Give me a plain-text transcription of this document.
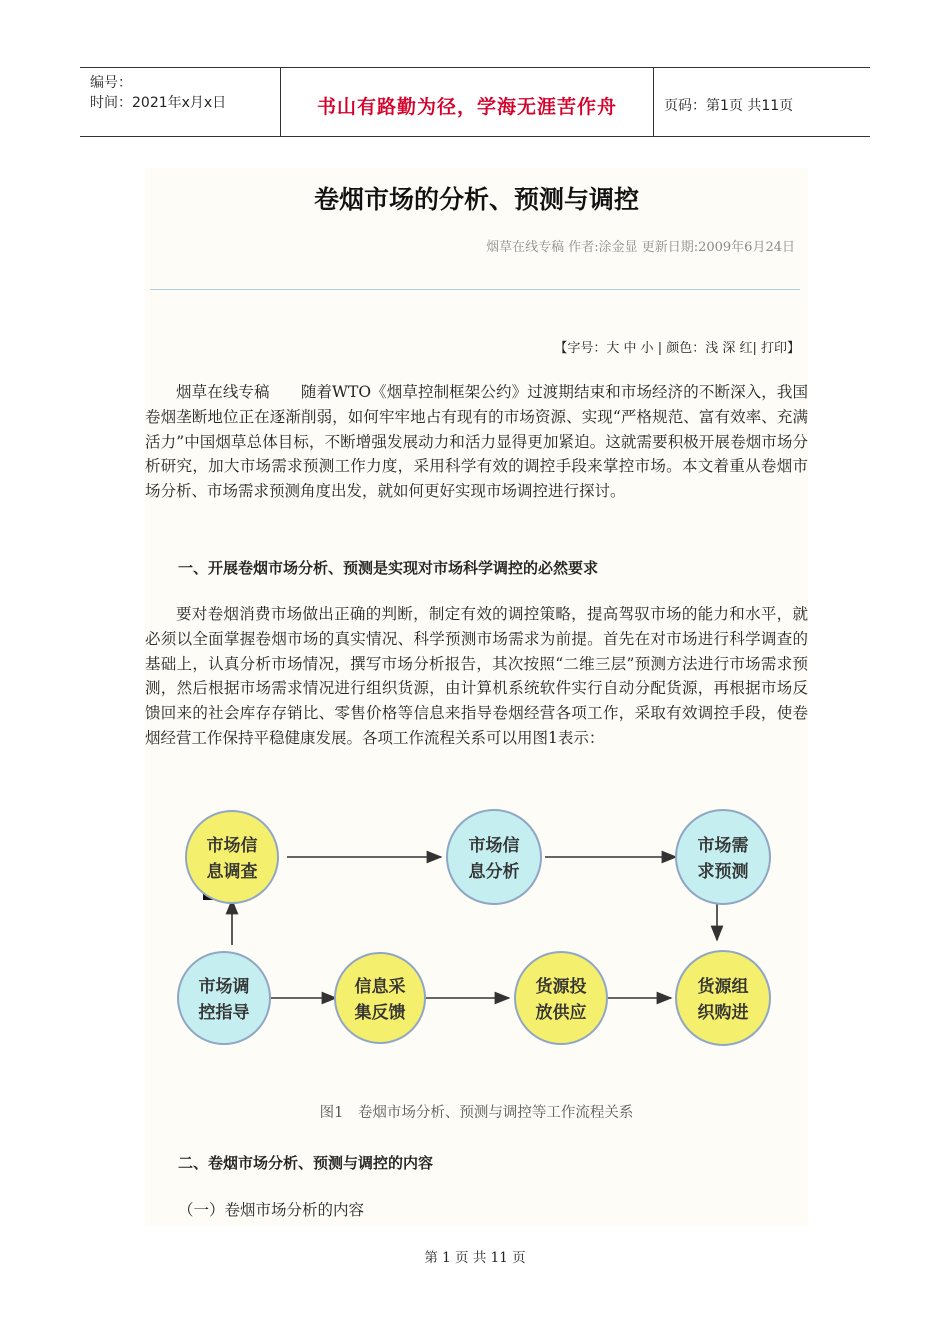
编号：
时间：2021年x月x日	书山有路勤为径，学海无涯苦作舟	页码：第1页 共11页
卷烟市场的分析、预测与调控
烟草在线专稿 作者:涂金显 更新日期:2009年6月24日
【字号：大 中 小 | 颜色：浅 深 红| 打印】

烟草在线专稿　　随着WTO《烟草控制框架公约》过渡期结束和市场经济的不断深入，我国卷烟垄断地位正在逐渐削弱，如何牢牢地占有现有的市场资源、实现“严格规范、富有效率、充满活力”中国烟草总体目标，不断增强发展动力和活力显得更加紧迫。这就需要积极开展卷烟市场分析研究，加大市场需求预测工作力度，采用科学有效的调控手段来掌控市场。本文着重从卷烟市场分析、市场需求预测角度出发，就如何更好实现市场调控进行探讨。

一、开展卷烟市场分析、预测是实现对市场科学调控的必然要求

要对卷烟消费市场做出正确的判断，制定有效的调控策略，提高驾驭市场的能力和水平，就必须以全面掌握卷烟市场的真实情况、科学预测市场需求为前提。首先在对市场进行科学调查的基础上，认真分析市场情况，撰写市场分析报告，其次按照“二维三层”预测方法进行市场需求预测，然后根据市场需求情况进行组织货源，由计算机系统软件实行自动分配货源，再根据市场反馈回来的社会库存存销比、零售价格等信息来指导卷烟经营各项工作，采取有效调控手段，使卷烟经营工作保持平稳健康发展。各项工作流程关系可以用图1表示：

市场信
息调查
市场信
息分析
市场需
求预测
市场调
控指导
信息采
集反馈
货源投
放供应
货源组
织购进
图1　卷烟市场分析、预测与调控等工作流程关系

二、卷烟市场分析、预测与调控的内容

（一）卷烟市场分析的内容
第 1 页 共 11 页
